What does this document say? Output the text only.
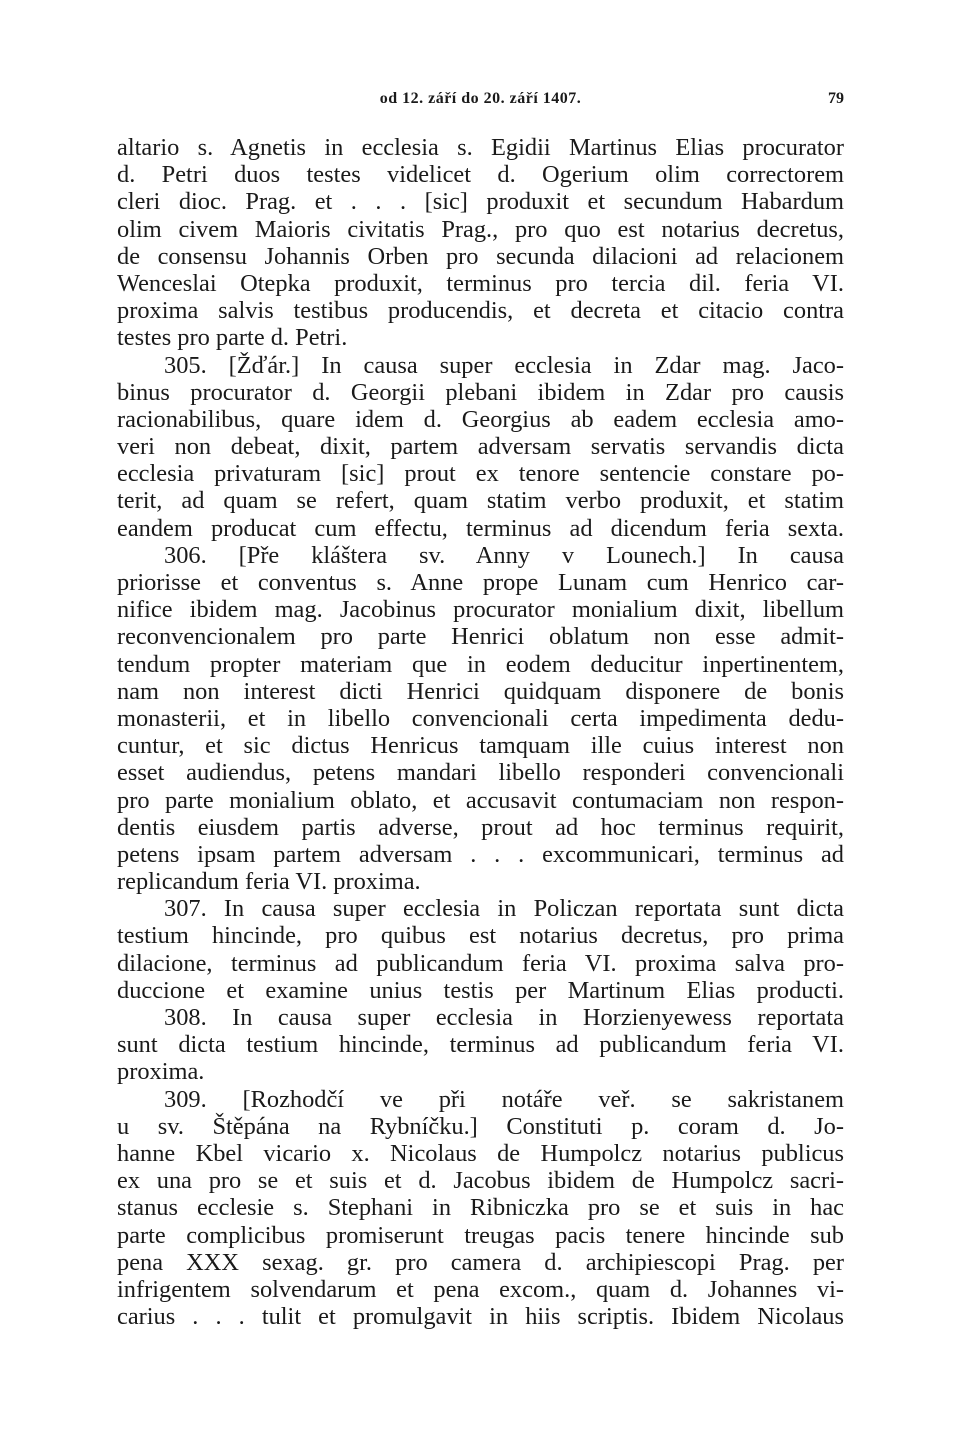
od 12. září do 20. září 1407.	79
altario s. Agnetis in ecclesia s. Egidii Martinus Elias procurator
d. Petri duos testes videlicet d. Ogerium olim correctorem
cleri dioc. Prag. et . . . [sic] produxit et secundum Habardum
olim civem Maioris civitatis Prag., pro quo est notarius decretus,
de consensu Johannis Orben pro secunda dilacioni ad relacionem
Wenceslai Otepka produxit, terminus pro tercia dil. feria VI.
proxima salvis testibus producendis, et decreta et citacio contra
testes pro parte d. Petri.
305. [Žďár.] In causa super ecclesia in Zdar mag. Jaco-
binus procurator d. Georgii plebani ibidem in Zdar pro causis
racionabilibus, quare idem d. Georgius ab eadem ecclesia amo-
veri non debeat, dixit, partem adversam servatis servandis dicta
ecclesia privaturam [sic] prout ex tenore sentencie constare po-
terit, ad quam se refert, quam statim verbo produxit, et statim
eandem producat cum effectu, terminus ad dicendum feria sexta.
306. [Pře kláštera sv. Anny v Lounech.] In causa
priorisse et conventus s. Anne prope Lunam cum Henrico car-
nifice ibidem mag. Jacobinus procurator monialium dixit, libellum
reconvencionalem pro parte Henrici oblatum non esse admit-
tendum propter materiam que in eodem deducitur inpertinentem,
nam non interest dicti Henrici quidquam disponere de bonis
monasterii, et in libello convencionali certa impedimenta dedu-
cuntur, et sic dictus Henricus tamquam ille cuius interest non
esset audiendus, petens mandari libello responderi convencionali
pro parte monialium oblato, et accusavit contumaciam non respon-
dentis eiusdem partis adverse, prout ad hoc terminus requirit,
petens ipsam partem adversam . . . excommunicari, terminus ad
replicandum feria VI. proxima.
307. In causa super ecclesia in Policzan reportata sunt dicta
testium hincinde, pro quibus est notarius decretus, pro prima
dilacione, terminus ad publicandum feria VI. proxima salva pro-
duccione et examine unius testis per Martinum Elias producti.
308. In causa super ecclesia in Horzienyewess reportata
sunt dicta testium hincinde, terminus ad publicandum feria VI.
proxima.
309. [Rozhodčí ve při notáře veř. se sakristanem
u sv. Štěpána na Rybníčku.] Constituti p. coram d. Jo-
hanne Kbel vicario x. Nicolaus de Humpolcz notarius publicus
ex una pro se et suis et d. Jacobus ibidem de Humpolcz sacri-
stanus ecclesie s. Stephani in Ribniczka pro se et suis in hac
parte complicibus promiserunt treugas pacis tenere hincinde sub
pena XXX sexag. gr. pro camera d. archipiescopi Prag. per
infrigentem solvendarum et pena excom., quam d. Johannes vi-
carius . . . tulit et promulgavit in hiis scriptis. Ibidem Nicolaus
